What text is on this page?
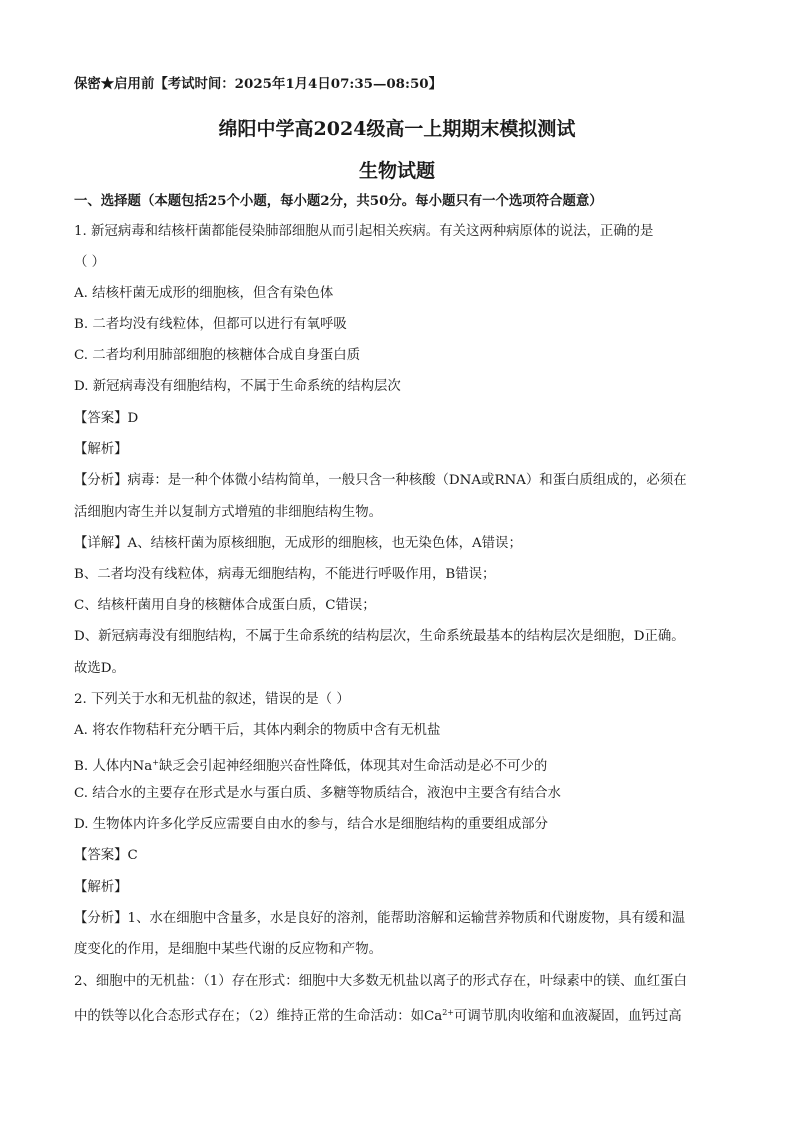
保密★启用前【考试时间：2025年1月4日07:35—08:50】
绵阳中学高2024级高一上期期末模拟测试
生物试题
一、选择题（本题包括25个小题，每小题2分，共50分。每小题只有一个选项符合题意）
1. 新冠病毒和结核杆菌都能侵染肺部细胞从而引起相关疾病。有关这两种病原体的说法，正确的是
（ ）
A. 结核杆菌无成形的细胞核，但含有染色体
B. 二者均没有线粒体，但都可以进行有氧呼吸
C. 二者均利用肺部细胞的核糖体合成自身蛋白质
D. 新冠病毒没有细胞结构，不属于生命系统的结构层次
【答案】D
【解析】
【分析】病毒：是一种个体微小结构简单，一般只含一种核酸（DNA或RNA）和蛋白质组成的，必须在
活细胞内寄生并以复制方式增殖的非细胞结构生物。
【详解】A、结核杆菌为原核细胞，无成形的细胞核，也无染色体，A错误；
B、二者均没有线粒体，病毒无细胞结构，不能进行呼吸作用，B错误；
C、结核杆菌用自身的核糖体合成蛋白质，C错误；
D、新冠病毒没有细胞结构，不属于生命系统的结构层次，生命系统最基本的结构层次是细胞，D正确。
故选D。
2. 下列关于水和无机盐的叙述，错误的是（ ）
A. 将农作物秸秆充分晒干后，其体内剩余的物质中含有无机盐
B. 人体内Na+缺乏会引起神经细胞兴奋性降低，体现其对生命活动是必不可少的
C. 结合水的主要存在形式是水与蛋白质、多糖等物质结合，液泡中主要含有结合水
D. 生物体内许多化学反应需要自由水的参与，结合水是细胞结构的重要组成部分
【答案】C
【解析】
【分析】1、水在细胞中含量多，水是良好的溶剂，能帮助溶解和运输营养物质和代谢废物，具有缓和温
度变化的作用，是细胞中某些代谢的反应物和产物。
2、细胞中的无机盐：（1）存在形式：细胞中大多数无机盐以离子的形式存在，叶绿素中的镁、血红蛋白
中的铁等以化合态形式存在；（2）维持正常的生命活动：如$Ca^{2+}$可调节肌肉收缩和血液凝固，血钙过高
